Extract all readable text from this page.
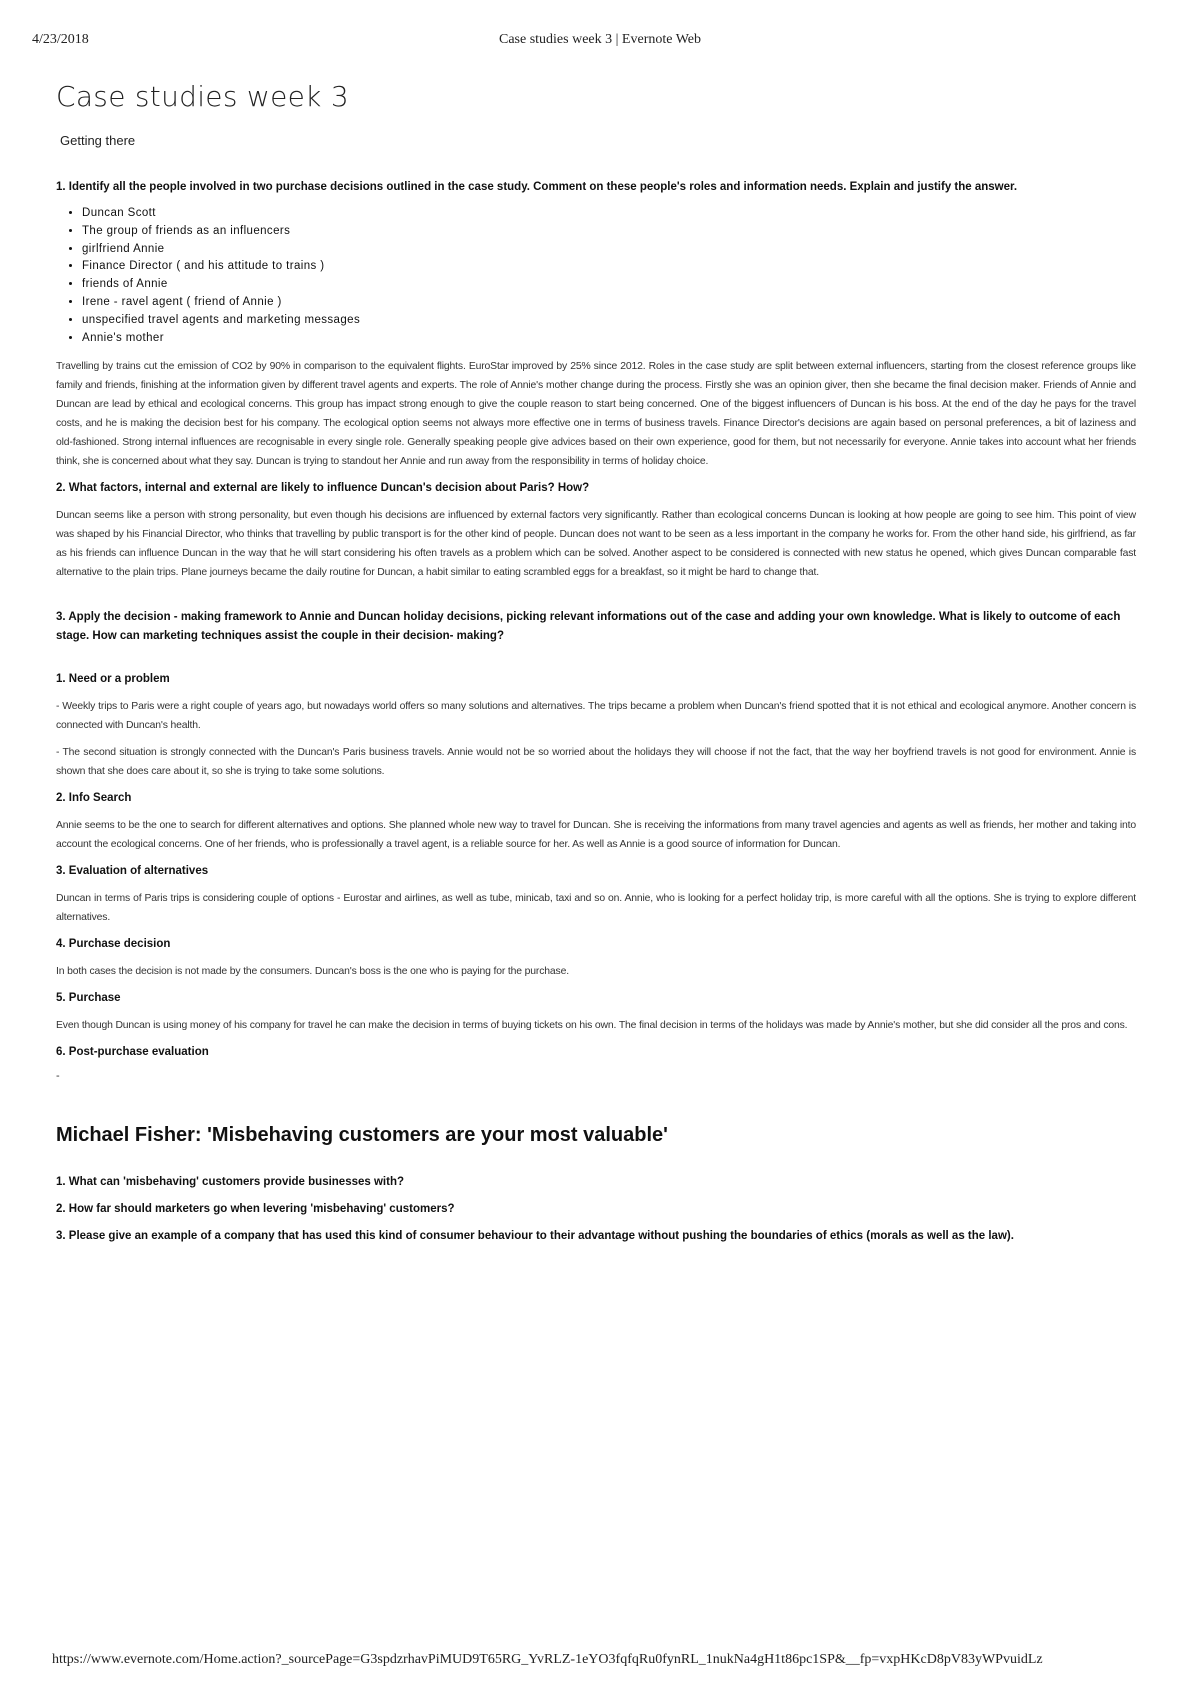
4/23/2018	Case studies week 3 | Evernote Web
Case studies week 3
Getting there
1. Identify all the people involved in two purchase decisions outlined in the case study. Comment on these people's roles and information needs. Explain and justify the answer.
• Duncan Scott
• The group of friends as an influencers
• girlfriend Annie
• Finance Director ( and his attitude to trains )
• friends of Annie
• Irene - ravel agent ( friend of Annie )
• unspecified travel agents and marketing messages
• Annie's mother

Travelling by trains cut the emission of CO2 by 90% in comparison to the equivalent flights. EuroStar improved by 25% since 2012. Roles in the case study are split between external influencers, starting from the closest reference groups like family and friends, finishing at the information given by different travel agents and experts. The role of Annie's mother change during the process. Firstly she was an opinion giver, then she became the final decision maker. Friends of Annie and Duncan are lead by ethical and ecological concerns. This group has impact strong enough to give the couple reason to start being concerned. One of the biggest influencers of Duncan is his boss. At the end of the day he pays for the travel costs, and he is making the decision best for his company. The ecological option seems not always more effective one in terms of business travels. Finance Director's decisions are again based on personal preferences, a bit of laziness and old-fashioned. Strong internal influences are recognisable in every single role. Generally speaking people give advices based on their own experience, good for them, but not necessarily for everyone. Annie takes into account what her friends think, she is concerned about what they say. Duncan is trying to standout her Annie and run away from the responsibility in terms of holiday choice.

2. What factors, internal and external are likely to influence Duncan's decision about Paris? How?

Duncan seems like a person with strong personality, but even though his decisions are influenced by external factors very significantly. Rather than ecological concerns Duncan is looking at how people are going to see him. This point of view was shaped by his Financial Director, who thinks that travelling by public transport is for the other kind of people. Duncan does not want to be seen as a less important in the company he works for. From the other hand side, his girlfriend, as far as his friends can influence Duncan in the way that he will start considering his often travels as a problem which can be solved. Another aspect to be considered is connected with new status he opened, which gives Duncan comparable fast alternative to the plain trips. Plane journeys became the daily routine for Duncan, a habit similar to eating scrambled eggs for a breakfast, so it might be hard to change that.

3. Apply the decision - making framework to Annie and Duncan holiday decisions, picking relevant informations out of the case and adding your own knowledge. What is likely to outcome of each stage. How can marketing techniques assist the couple in their decision- making?
1. Need or a problem

- Weekly trips to Paris were a right couple of years ago, but nowadays world offers so many solutions and alternatives. The trips became a problem when Duncan's friend spotted that it is not ethical and ecological anymore. Another concern is connected with Duncan's health.

- The second situation is strongly connected with the Duncan's Paris business travels. Annie would not be so worried about the holidays they will choose if not the fact, that the way her boyfriend travels is not good for environment. Annie is shown that she does care about it, so she is trying to take some solutions.

2. Info Search

Annie seems to be the one to search for different alternatives and options. She planned whole new way to travel for Duncan. She is receiving the informations from many travel agencies and agents as well as friends, her mother and taking into account the ecological concerns. One of her friends, who is professionally a travel agent, is a reliable source for her. As well as Annie is a good source of information for Duncan.

3. Evaluation of alternatives

Duncan in terms of Paris trips is considering couple of options - Eurostar and airlines, as well as tube, minicab, taxi and so on. Annie, who is looking for a perfect holiday trip, is more careful with all the options. She is trying to explore different alternatives.

4. Purchase decision

In both cases the decision is not made by the consumers. Duncan's boss is the one who is paying for the purchase.

5. Purchase

Even though Duncan is using money of his company for travel he can make the decision in terms of buying tickets on his own. The final decision in terms of the holidays was made by Annie's mother, but she did consider all the pros and cons.

6. Post-purchase evaluation
-
Michael Fisher: 'Misbehaving customers are your most valuable'
1. What can 'misbehaving' customers provide businesses with?
2. How far should marketers go when levering 'misbehaving' customers?
3. Please give an example of a company that has used this kind of consumer behaviour to their advantage without pushing the boundaries of ethics (morals as well as the law).
https://www.evernote.com/Home.action?_sourcePage=G3spdzrhavPiMUD9T65RG_YvRLZ-1eYO3fqfqRu0fynRL_1nukNa4gH1t86pc1SP&__fp=vxpHKcD8pV83yWPvuidLz
